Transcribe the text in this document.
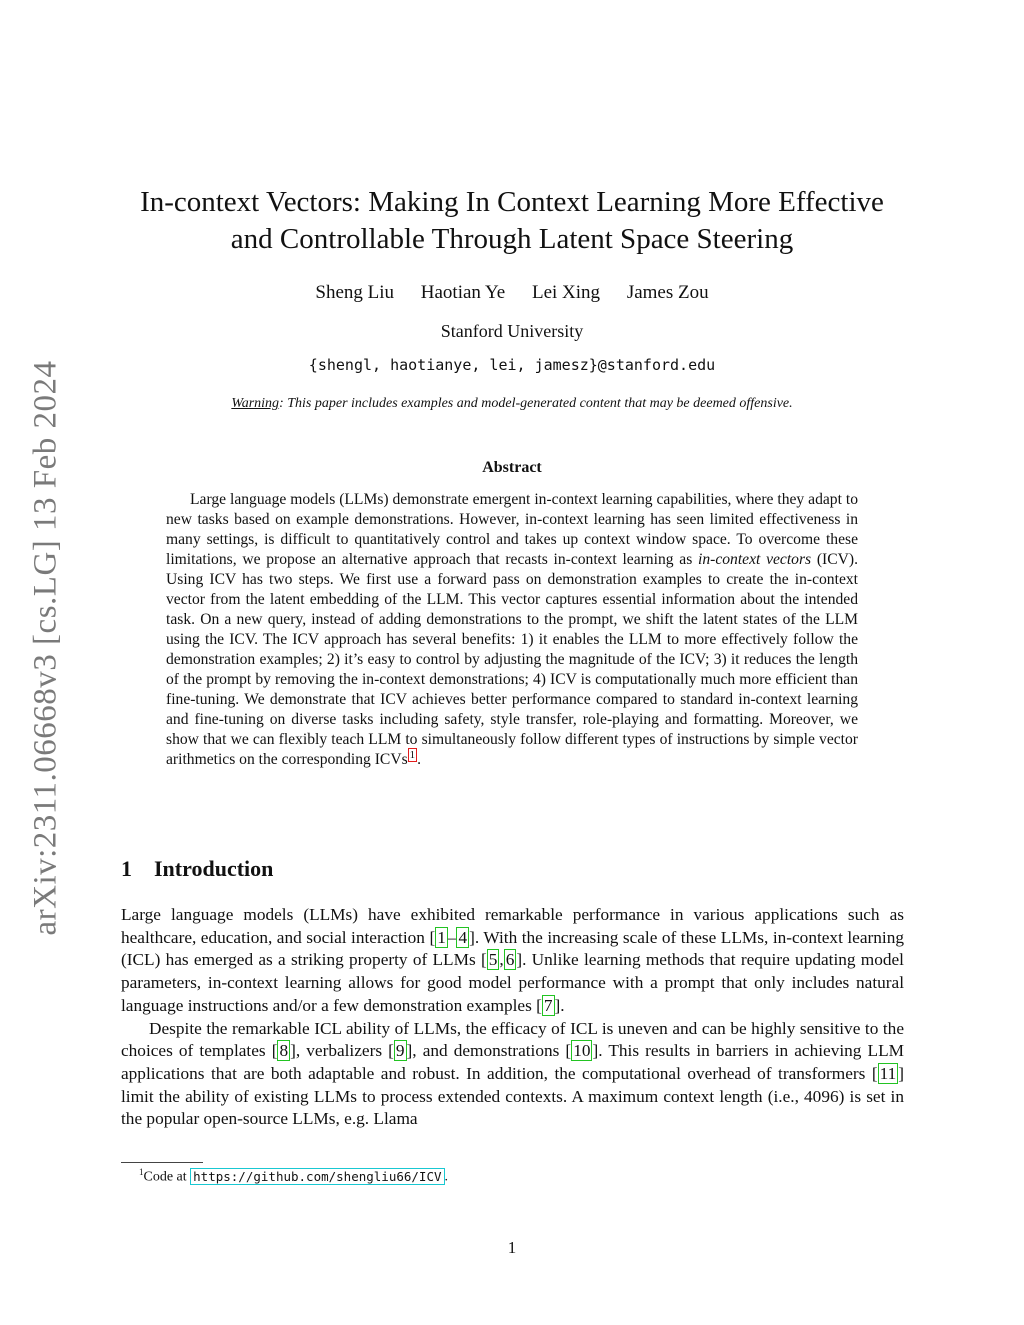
arXiv:2311.06668v3 [cs.LG] 13 Feb 2024
In-context Vectors: Making In Context Learning More Effective
and Controllable Through Latent Space Steering
Sheng Liu Haotian Ye Lei Xing James Zou
Stanford University
{shengl, haotianye, lei, jamesz}@stanford.edu
Warning: This paper includes examples and model-generated content that may be deemed offensive.
Abstract

Large language models (LLMs) demonstrate emergent in-context learning capabilities, where they adapt to new tasks based on example demonstrations. However, in-context learning has seen limited effectiveness in many settings, is difficult to quantitatively control and takes up context window space. To overcome these limitations, we propose an alternative approach that recasts in-context learning as in-context vectors (ICV). Using ICV has two steps. We first use a forward pass on demonstration examples to create the in-context vector from the latent embedding of the LLM. This vector captures essential information about the intended task. On a new query, instead of adding demonstrations to the prompt, we shift the latent states of the LLM using the ICV. The ICV approach has several benefits: 1) it enables the LLM to more effectively follow the demonstration examples; 2) it’s easy to control by adjusting the magnitude of the ICV; 3) it reduces the length of the prompt by removing the in-context demonstrations; 4) ICV is computationally much more efficient than fine-tuning. We demonstrate that ICV achieves better performance compared to standard in-context learning and fine-tuning on diverse tasks including safety, style transfer, role-playing and formatting. Moreover, we show that we can flexibly teach LLM to simultaneously follow different types of instructions by simple vector arithmetics on the corresponding ICVs $^1$ .

1 Introduction

Large language models (LLMs) have exhibited remarkable performance in various applications such as healthcare, education, and social interaction [ 1 – 4 ]. With the increasing scale of these LLMs, in-context learning (ICL) has emerged as a striking property of LLMs [ 5 , 6 ]. Unlike learning methods that require updating model parameters, in-context learning allows for good model performance with a prompt that only includes natural language instructions and/or a few demonstration examples [ 7 ].

Despite the remarkable ICL ability of LLMs, the efficacy of ICL is uneven and can be highly sensitive to the choices of templates [ 8 ], verbalizers [ 9 ], and demonstrations [ 10 ]. This results in barriers in achieving LLM applications that are both adaptable and robust. In addition, the computational overhead of transformers [ 11 ] limit the ability of existing LLMs to process extended contexts. A maximum context length (i.e., 4096) is set in the popular open-source LLMs, e.g. Llama

$^1$Code at https://github.com/shengliu66/ICV .
1
